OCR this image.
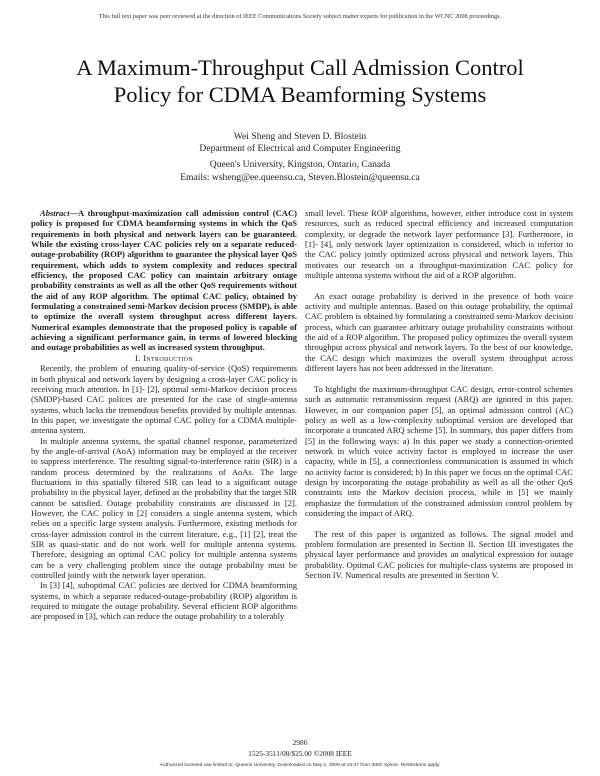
This full text paper was peer reviewed at the direction of IEEE Communications Society subject matter experts for publication in the WCNC 2008 proceedings.
A Maximum-Throughput Call Admission Control
Policy for CDMA Beamforming Systems
Wei Sheng and Steven D. Blostein
Department of Electrical and Computer Engineering
Queen's University, Kingston, Ontario, Canada
Emails: wsheng@ee.queensu.ca, Steven.Blostein@queensu.ca

Abstract—A throughput-maximization call admission control (CAC) policy is proposed for CDMA beamforming systems in which the QoS requirements in both physical and network layers can be guaranteed. While the existing cross-layer CAC policies rely on a separate reduced-outage-probability (ROP) algorithm to guarantee the physical layer QoS requirement, which adds to system complexity and reduces spectral efficiency, the proposed CAC policy can maintain arbitrary outage probability constraints as well as all the other QoS requirements without the aid of any ROP algorithm. The optimal CAC policy, obtained by formulating a constrained semi-Markov decision process (SMDP), is able to optimize the overall system throughput across different layers. Numerical examples demonstrate that the proposed policy is capable of achieving a significant performance gain, in terms of lowered blocking and outage probabilities as well as increased system throughput.

I. Introduction

Recently, the problem of ensuring quality-of-service (QoS) requirements in both physical and network layers by designing a cross-layer CAC policy is receiving much attention. In [1]- [2], optimal semi-Markov decision process (SMDP)-based CAC polices are presented for the case of single-antenna systems, which lacks the tremendous benefits provided by multiple antennas. In this paper, we investigate the optimal CAC policy for a CDMA multiple-antenna system.

In multiple antenna systems, the spatial channel response, parameterized by the angle-of-arrival (AoA) information may be employed at the receiver to suppress interference. The resulting signal-to-interference ratio (SIR) is a random process determined by the realizations of AoAs. The large fluctuations in this spatially filtered SIR can lead to a significant outage probability in the physical layer, defined as the probability that the target SIR cannot be satisfied. Outage probability constraints are discussed in [2]. However, the CAC policy in [2] considers a single antenna system, which relies on a specific large system analysis. Furthermore, existing methods for cross-layer admission control in the current literature, e.g., [1] [2], treat the SIR as quasi-static and do not work well for multiple antenna systems. Therefore, designing an optimal CAC policy for multiple antenna systems can be a very challenging problem since the outage probability must be controlled jointly with the network layer operation.

In [3] [4], suboptimal CAC policies are derived for CDMA beamforming systems, in which a separate reduced-outage-probability (ROP) algorithm is required to mitigate the outage probability. Several efficient ROP algorithms are proposed in [3], which can reduce the outage probability to a tolerably

small level. These ROP algorithms, however, either introduce cost in system resources, such as reduced spectral efficiency and increased computation complexity, or degrade the network layer performance [3]. Furthermore, in [1]- [4], only network layer optimization is considered, which is inferior to the CAC policy jointly optimized across physical and network layers. This motivates our research on a throughput-maximization CAC policy for multiple antenna systems without the aid of a ROP algorithm.

An exact outage probability is derived in the presence of both voice activity and multiple antennas. Based on this outage probability, the optimal CAC problem is obtained by formulating a constrained semi-Markov decision process, which can guarantee arbitrary outage probability constraints without the aid of a ROP algorithm. The proposed policy optimizes the overall system throughput across physical and network layers. To the best of our knowledge, the CAC design which maximizes the overall system throughput across different layers has not been addressed in the literature.

To highlight the maximum-throughput CAC design, error-control schemes such as automatic retransmission request (ARQ) are ignored in this paper. However, in our companion paper [5], an optimal admission control (AC) policy as well as a low-complexity suboptimal version are developed that incorporate a truncated ARQ scheme [5]. In summary, this paper differs from [5] in the following ways: a) In this paper we study a connection-oriented network in which voice activity factor is employed to increase the user capacity, while in [5], a connectionless communication is assumed in which no activity factor is considered; b) In this paper we focus on the optimal CAC design by incorporating the outage probability as well as all the other QoS constraints into the Markov decision process, while in [5] we mainly emphasize the formulation of the constrained admission control problem by considering the impact of ARQ.

The rest of this paper is organized as follows. The signal model and problem formulation are presented in Section II. Section III investigates the physical layer performance and provides an analytical expression for outage probability. Optimal CAC policies for multiple-class systems are proposed in Section IV. Numerical results are presented in Section V.

2986
1525-3511/08/$25.00 ©2008 IEEE
Authorized licensed use limited to: Queens University. Downloaded on May 2, 2009 at 19:47 from IEEE Xplore. Restrictions apply.
